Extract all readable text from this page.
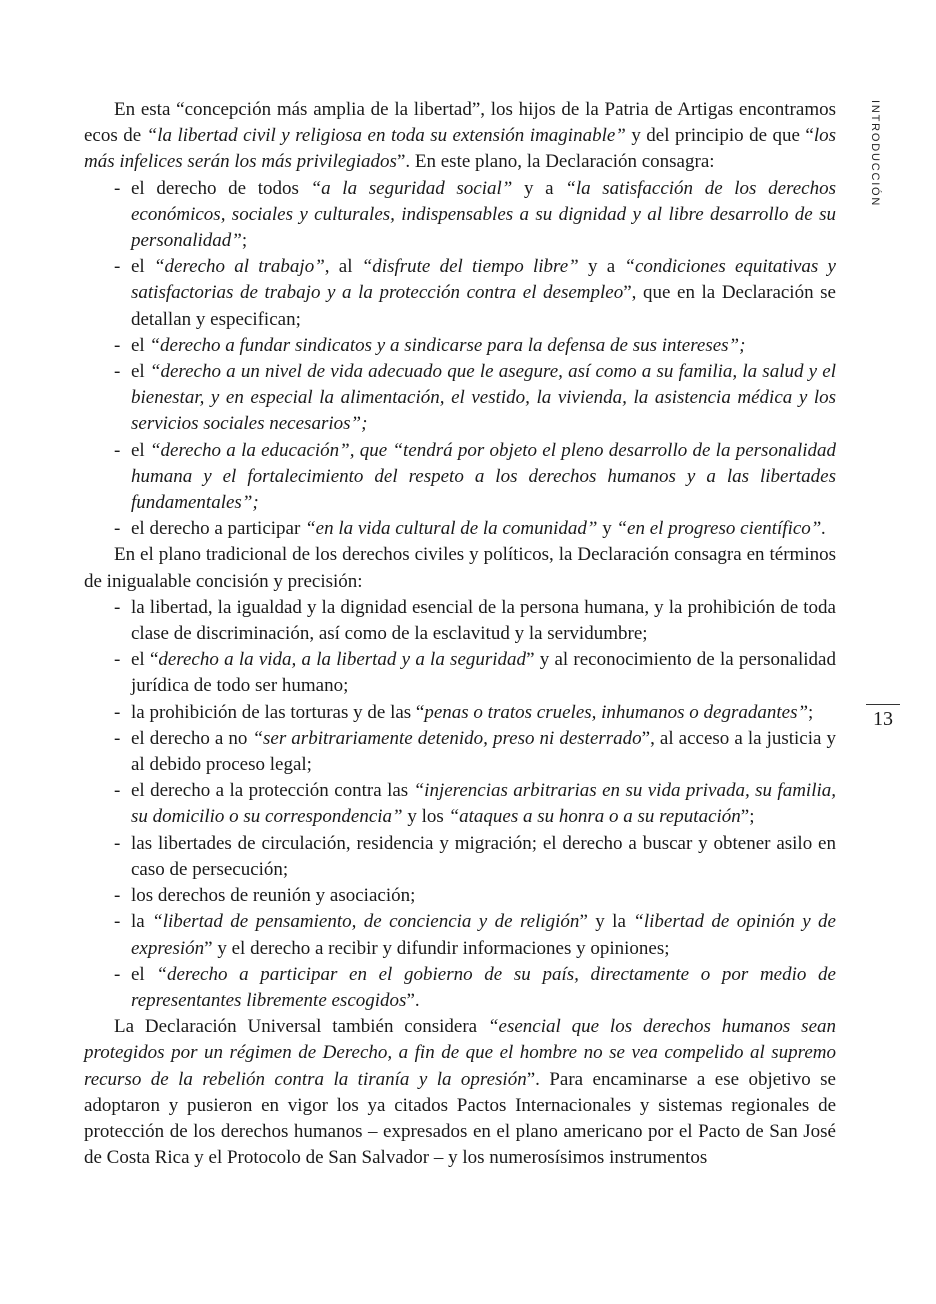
INTRODUCCIÓN
13

En esta “concepción más amplia de la libertad”, los hijos de la Patria de Artigas encontramos ecos de “la libertad civil y religiosa en toda su extensión imaginable” y del principio de que “los más infelices serán los más privilegiados”. En este plano, la Declaración consagra:

- el derecho de todos “a la seguridad social” y a “la satisfacción de los derechos económicos, sociales y culturales, indispensables a su dignidad y al libre desarrollo de su personalidad”;
- el “derecho al trabajo”, al “disfrute del tiempo libre” y a “condiciones equitativas y satisfactorias de trabajo y a la protección contra el desempleo”, que en la Declaración se detallan y especifican;
- el “derecho a fundar sindicatos y a sindicarse para la defensa de sus intereses”;
- el “derecho a un nivel de vida adecuado que le asegure, así como a su familia, la salud y el bienestar, y en especial la alimentación, el vestido, la vivienda, la asistencia médica y los servicios sociales necesarios”;
- el “derecho a la educación”, que “tendrá por objeto el pleno desarrollo de la personalidad humana y el fortalecimiento del respeto a los derechos humanos y a las libertades fundamentales”;
- el derecho a participar “en la vida cultural de la comunidad” y “en el progreso científico”.

En el plano tradicional de los derechos civiles y políticos, la Declaración consagra en términos de inigualable concisión y precisión:

- la libertad, la igualdad y la dignidad esencial de la persona humana, y la prohibición de toda clase de discriminación, así como de la esclavitud y la servidumbre;
- el “derecho a la vida, a la libertad y a la seguridad” y al reconocimiento de la personalidad jurídica de todo ser humano;
- la prohibición de las torturas y de las “penas o tratos crueles, inhumanos o degradantes”;
- el derecho a no “ser arbitrariamente detenido, preso ni desterrado”, al acceso a la justicia y al debido proceso legal;
- el derecho a la protección contra las “injerencias arbitrarias en su vida privada, su familia, su domicilio o su correspondencia” y los “ataques a su honra o a su reputación”;
- las libertades de circulación, residencia y migración; el derecho a buscar y obtener asilo en caso de persecución;
- los derechos de reunión y asociación;
- la “libertad de pensamiento, de conciencia y de religión” y la “libertad de opinión y de expresión” y el derecho a recibir y difundir informaciones y opiniones;
- el “derecho a participar en el gobierno de su país, directamente o por medio de representantes libremente escogidos”.

La Declaración Universal también considera “esencial que los derechos humanos sean protegidos por un régimen de Derecho, a fin de que el hombre no se vea compelido al supremo recurso de la rebelión contra la tiranía y la opresión”. Para encaminarse a ese objetivo se adoptaron y pusieron en vigor los ya citados Pactos Internacionales y sistemas regionales de protección de los derechos humanos – expresados en el plano americano por el Pacto de San José de Costa Rica y el Protocolo de San Salvador – y los numerosísimos instrumentos
